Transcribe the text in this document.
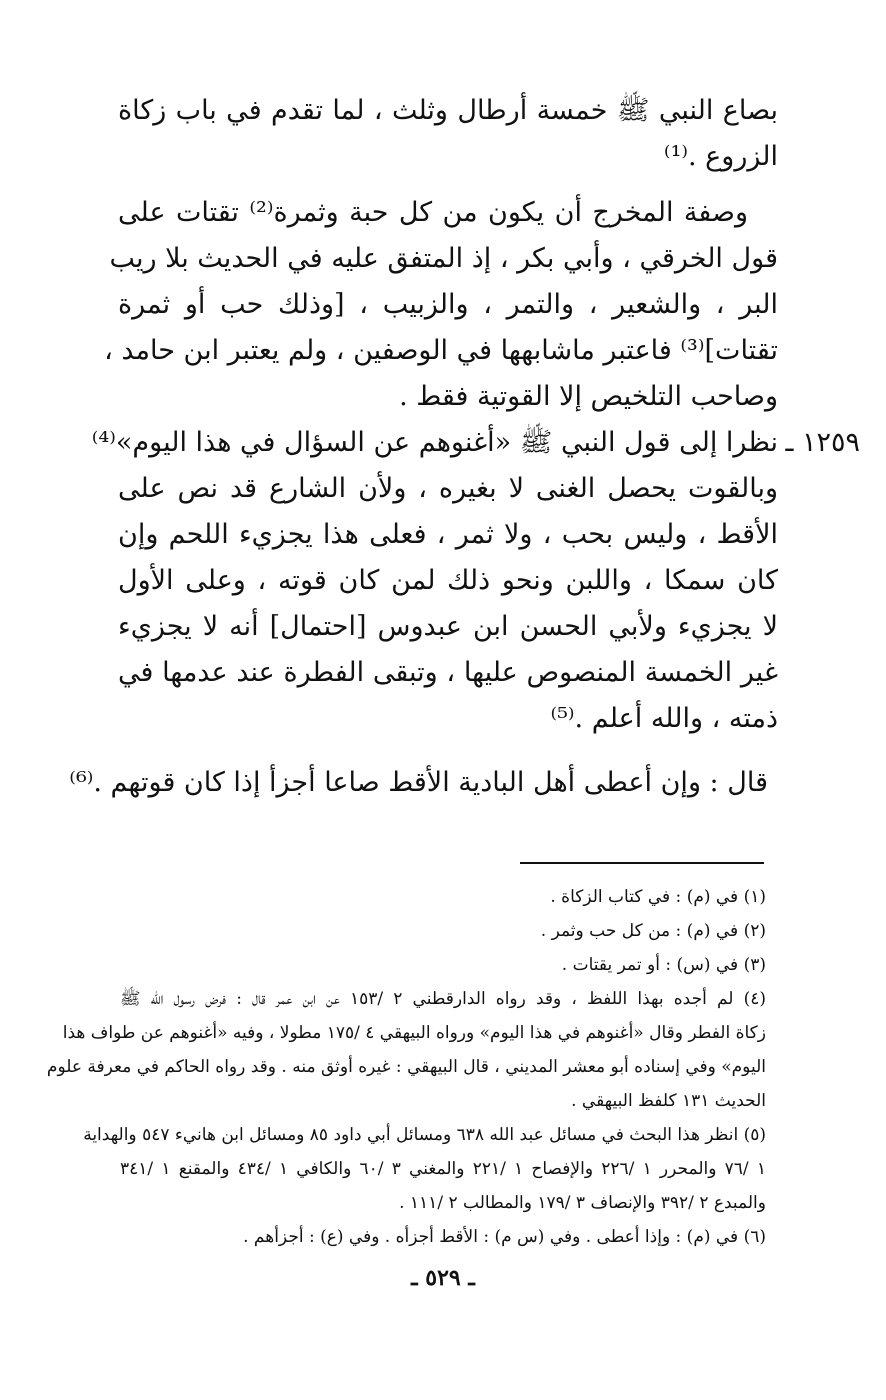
بصاع النبي ﷺ خمسة أرطال وثلث ، لما تقدم في باب زكاة
الزروع .⁽¹⁾
وصفة المخرج أن يكون من كل حبة وثمرة⁽²⁾ تقتات على
قول الخرقي ، وأبي بكر ، إذ المتفق عليه في الحديث بلا ريب
البر ، والشعير ، والتمر ، والزبيب ، [وذلك حب أو ثمرة
تقتات]⁽³⁾ فاعتبر ماشابهها في الوصفين ، ولم يعتبر ابن حامد ،
وصاحب التلخيص إلا القوتية فقط .
١٢٥٩ ـ
نظرا إلى قول النبي ﷺ «أغنوهم عن السؤال في هذا اليوم»⁽⁴⁾
وبالقوت يحصل الغنى لا بغيره ، ولأن الشارع قد نص على
الأقط ، وليس بحب ، ولا ثمر ، فعلى هذا يجزيء اللحم وإن
كان سمكا ، واللبن ونحو ذلك لمن كان قوته ، وعلى الأول
لا يجزيء ولأبي الحسن ابن عبدوس [احتمال] أنه لا يجزيء
غير الخمسة المنصوص عليها ، وتبقى الفطرة عند عدمها في
ذمته ، والله أعلم .⁽⁵⁾
قال : وإن أعطى أهل البادية الأقط صاعا أجزأ إذا كان قوتهم .⁽⁶⁾
(١) في (م) : في كتاب الزكاة .
(٢) في (م) : من كل حب وثمر .
(٣) في (س) : أو تمر يقتات .
(٤) لم أجده بهذا اللفظ ، وقد رواه الدارقطني ٢ /١٥٣ عن ابن عمر قال : فرض رسول الله ﷺ
زكاة الفطر وقال «أغنوهم في هذا اليوم» ورواه البيهقي ٤ /١٧٥ مطولا ، وفيه «أغنوهم عن طواف هذا
اليوم» وفي إسناده أبو معشر المديني ، قال البيهقي : غيره أوثق منه . وقد رواه الحاكم في معرفة علوم
الحديث ١٣١ كلفظ البيهقي .
(٥) انظر هذا البحث في مسائل عبد الله ٦٣٨ ومسائل أبي داود ٨٥ ومسائل ابن هانيء ٥٤٧ والهداية
١ /٧٦ والمحرر ١ /٢٢٦ والإفصاح ١ /٢٢١ والمغني ٣ /٦٠ والكافي ١ /٤٣٤ والمقنع ١ /٣٤١
والمبدع ٢ /٣٩٢ والإنصاف ٣ /١٧٩ والمطالب ٢ /١١١ .
(٦) في (م) : وإذا أعطى . وفي (س م) : الأقط أجزأه . وفي (ع) : أجزأهم .
ـ ٥٢٩ ـ
